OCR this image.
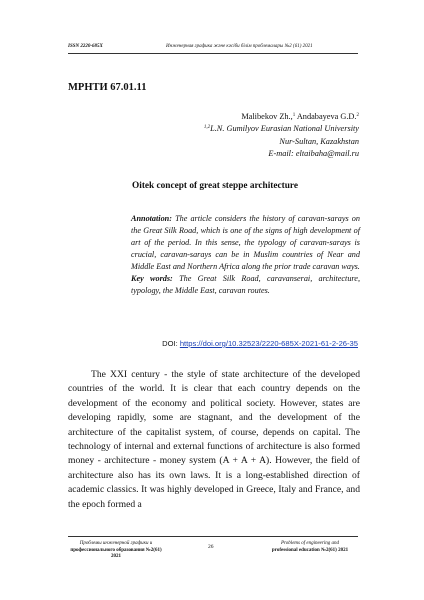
ISSN 2220-685X	Инженерная графика және кәсіби білім проблемалары №2 (61) 2021
МРНТИ 67.01.11
Malibekov Zh.,$^1$ Andabayeva G.D.$^2$
$^{1,2}$L.N. Gumilyov Eurasian National University
Nur-Sultan, Kazakhstan
E-mail: eltaibaha@mail.ru
Oitek concept of great steppe architecture

Annotation: The article considers the history of caravan-sarays on the Great Silk Road, which is one of the signs of high development of art of the period. In this sense, the typology of caravan-sarays is crucial, caravan-sarays can be in Muslim countries of Near and Middle East and Northern Africa along the prior trade caravan ways.

Key words: The Great Silk Road, caravanserai, architecture, typology, the Middle East, caravan routes.

DOI: https://doi.org/10.32523/2220-685X-2021-61-2-26-35

The XXI century - the style of state architecture of the developed countries of the world. It is clear that each country depends on the development of the economy and political society. However, states are developing rapidly, some are stagnant, and the development of the architecture of the capitalist system, of course, depends on capital. The technology of internal and external functions of architecture is also formed money - architecture - money system (A + A + A). However, the field of architecture also has its own laws. It is a long-established direction of academic classics. It was highly developed in Greece, Italy and France, and the epoch formed a

Проблемы инженерной графики и
профессионального образования №2(61) 2021
26
Problems of engineering and
professional education №2(61) 2021
